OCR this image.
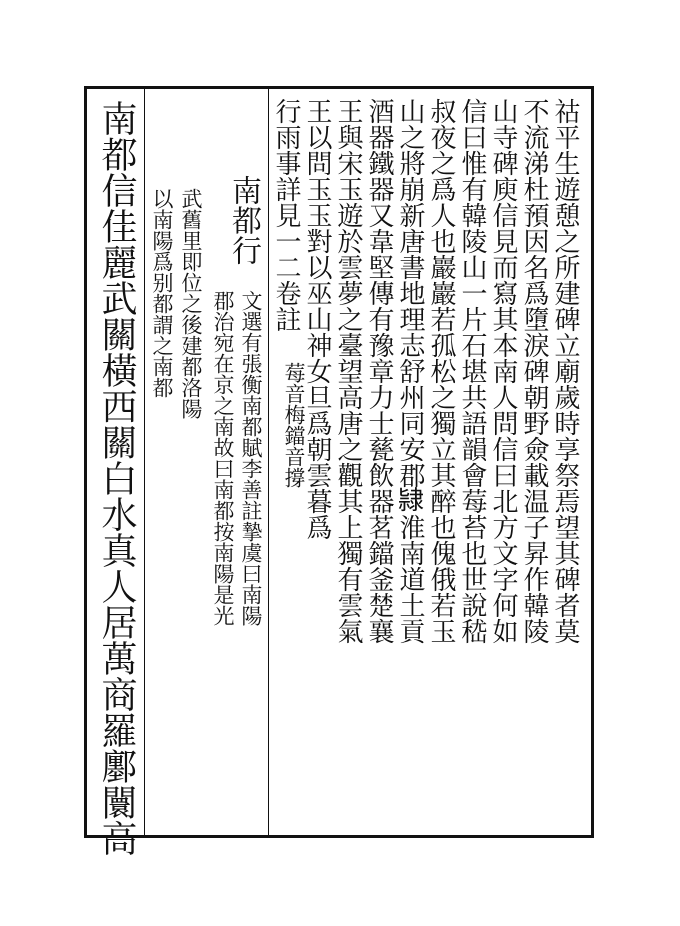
祜平生遊憩之所建碑立廟歲時享祭焉望其碑者莫
不流涕杜預因名爲墮淚碑朝野僉載温子昇作韓陵
山寺碑庾信見而寫其本南人問信曰北方文字何如
信曰惟有韓陵山一片石堪共語韻會莓苔也世說嵇
叔夜之爲人也巖巖若孤松之獨立其醉也傀俄若玉
山之將崩新唐書地理志舒州同安郡𨽻淮南道土貢
酒器鐵器又韋堅傳有豫章力士甆飲器茗鐺釜楚襄
王與宋玉遊於雲夢之臺望高唐之觀其上獨有雲氣
王以問玉玉對以巫山神女旦爲朝雲暮爲
行雨事詳見一二卷註
莓音梅鐺音撐
南都行
文選有張衡南都賦李善註摯虞曰南陽
郡治宛在京之南故曰南都按南陽是光
武舊里即位之後建都洛陽
以南陽爲别都謂之南都
南都信佳麗武關橫西關白水真人居萬商羅鄽闤高
